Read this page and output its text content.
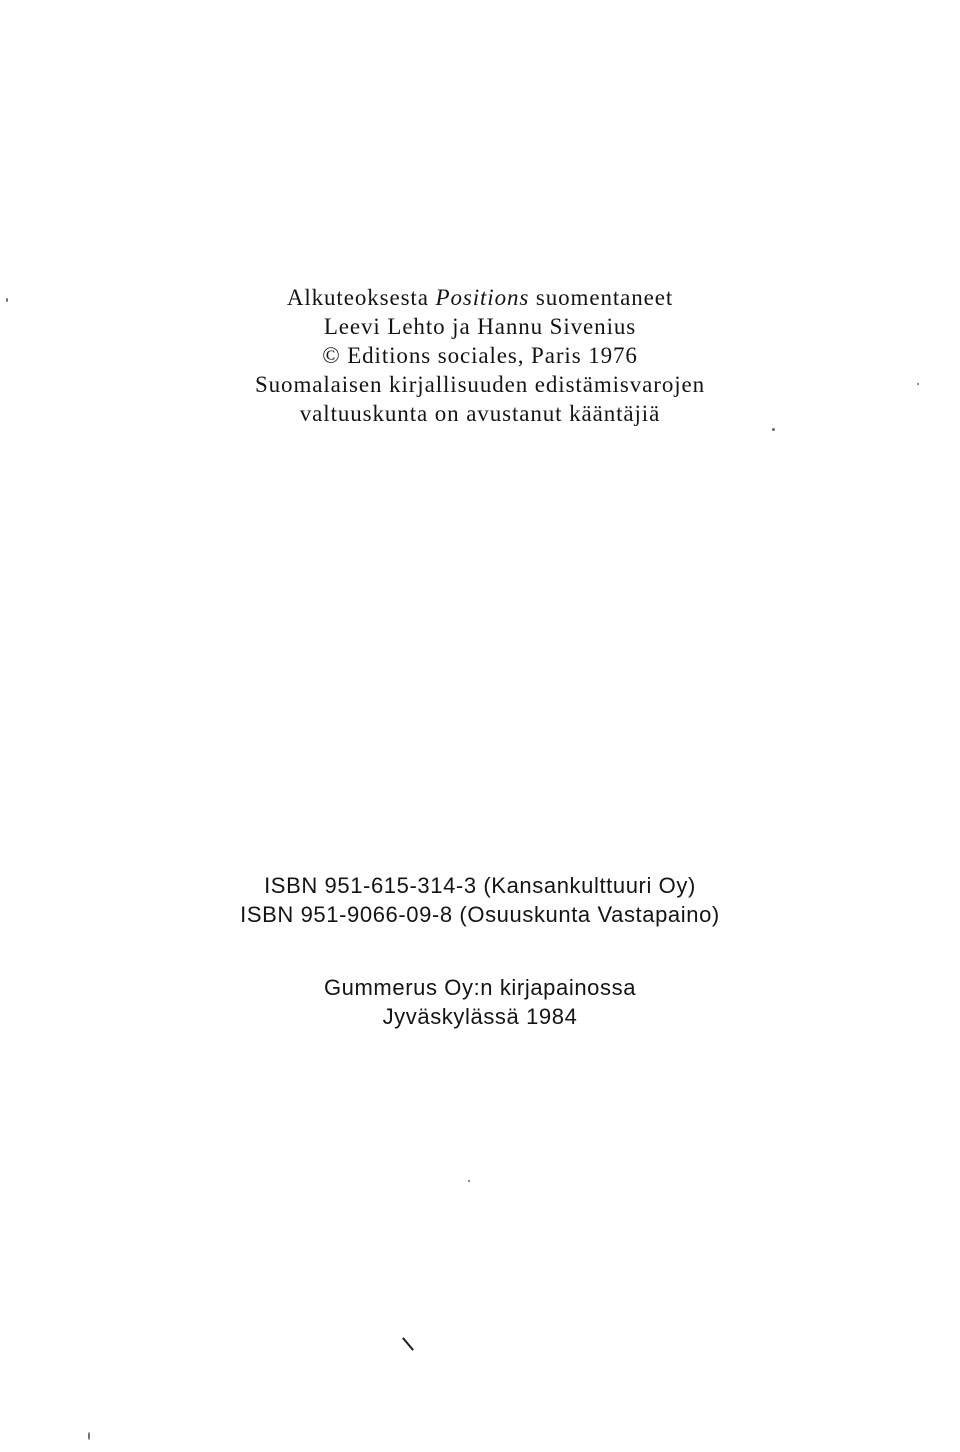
Alkuteoksesta Positions suomentaneet
Leevi Lehto ja Hannu Sivenius
© Editions sociales, Paris 1976
Suomalaisen kirjallisuuden edistämisvarojen
valtuuskunta on avustanut kääntäjiä
ISBN 951-615-314-3 (Kansankulttuuri Oy)
ISBN 951-9066-09-8 (Osuuskunta Vastapaino)
Gummerus Oy:n kirjapainossa
Jyväskylässä 1984
